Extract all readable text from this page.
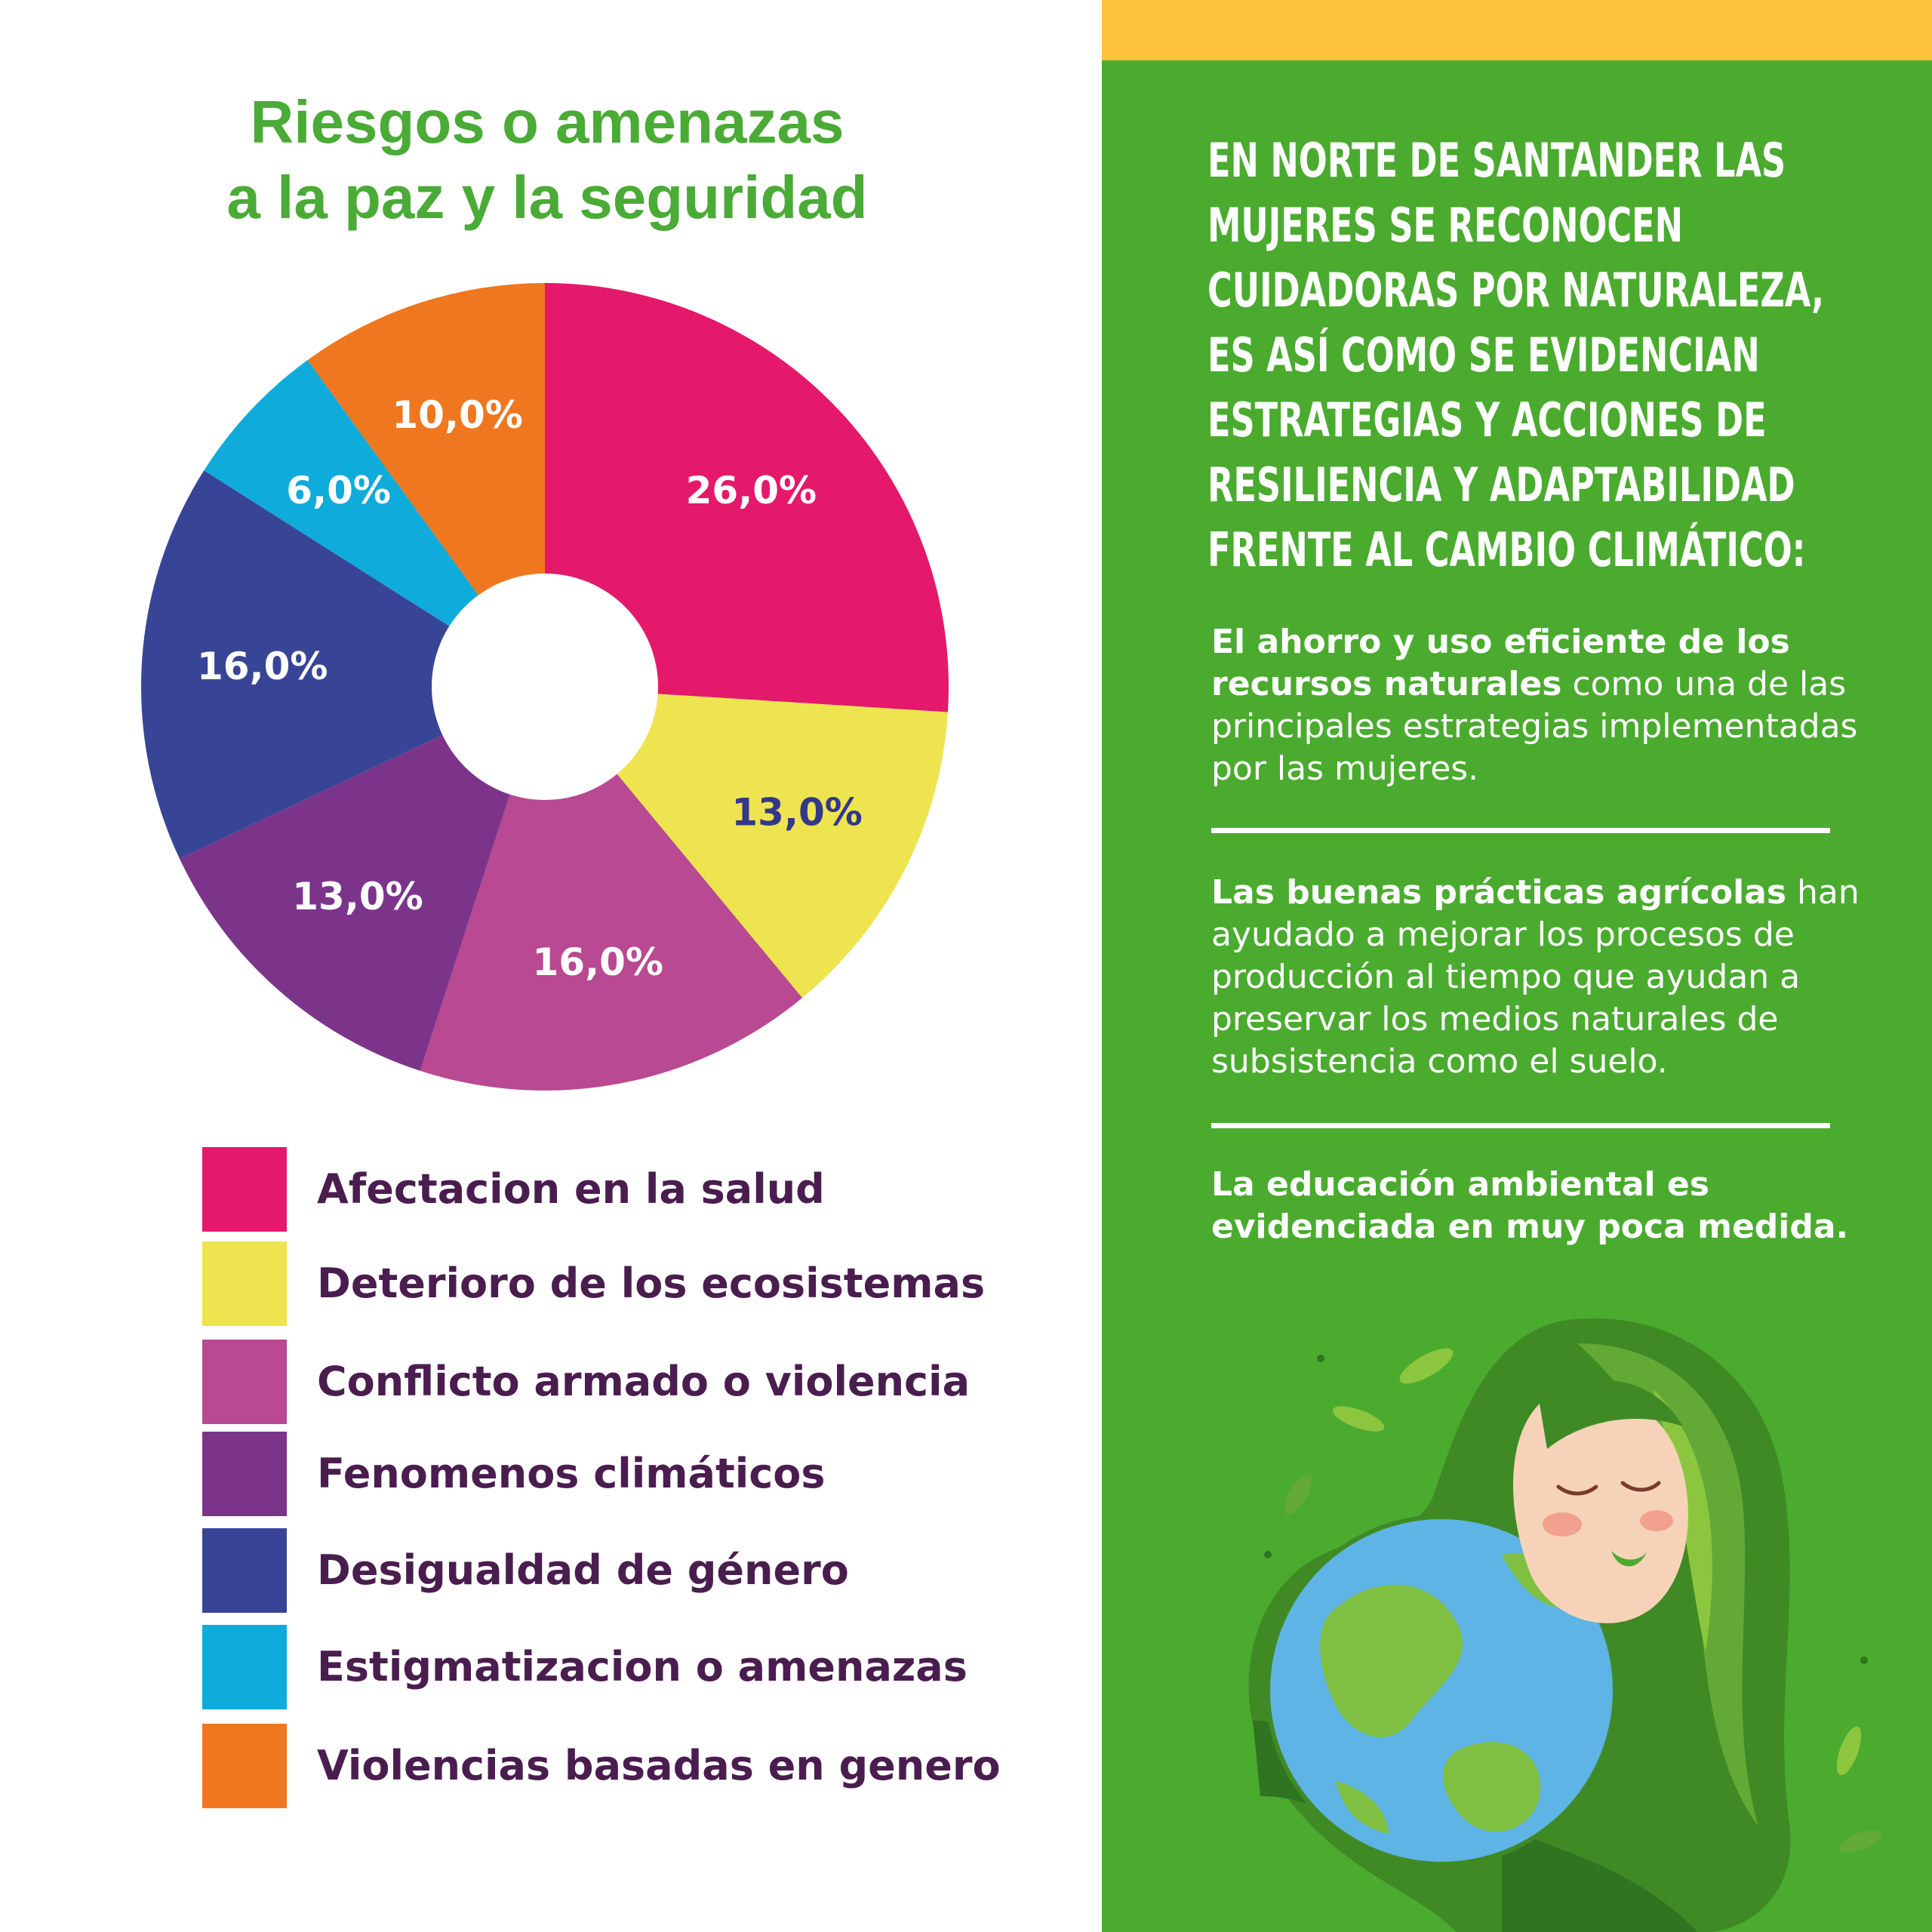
Riesgos o amenazas
a la paz y la seguridad
26,0%
13,0%
16,0%
13,0%
16,0%
6,0%
10,0%
Afectacion en la salud
Deterioro de los ecosistemas
Conflicto armado o violencia
Fenomenos climáticos
Desigualdad de género
Estigmatizacion o amenazas
Violencias basadas en genero
EN NORTE DE SANTANDER LAS
MUJERES SE RECONOCEN
CUIDADORAS POR NATURALEZA,
ES ASÍ COMO SE EVIDENCIAN
ESTRATEGIAS Y ACCIONES DE
RESILIENCIA Y ADAPTABILIDAD
FRENTE AL CAMBIO CLIMÁTICO:

El ahorro y uso eficiente de los recursos naturales como una de las principales estrategias implementadas por las mujeres.

Las buenas prácticas agrícolas han ayudado a mejorar los procesos de producción al tiempo que ayudan a preservar los medios naturales de subsistencia como el suelo.

La educación ambiental es evidenciada en muy poca medida.
